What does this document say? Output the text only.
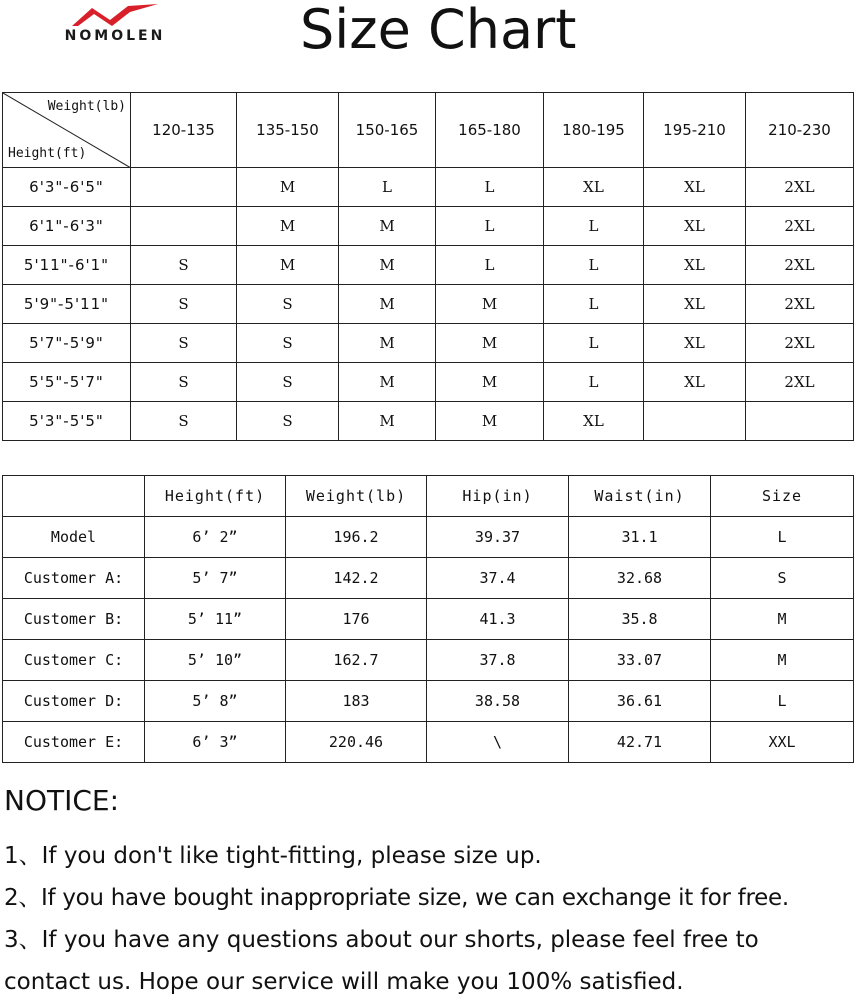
NOMOLEN	Size Chart
Weight(lb)
Height(ft)	120-135	135-150	150-165	165-180	180-195	195-210	210-230
6'3"-6'5"		M	L	L	XL	XL	2XL
6'1"-6'3"		M	M	L	L	XL	2XL
5'11"-6'1"	S	M	M	L	L	XL	2XL
5'9"-5'11"	S	S	M	M	L	XL	2XL
5'7"-5'9"	S	S	M	M	L	XL	2XL
5'5"-5'7"	S	S	M	M	L	XL	2XL
5'3"-5'5"	S	S	M	M	XL		
	Height(ft)	Weight(lb)	Hip(in)	Waist(in)	Size
Model	6’ 2”	196.2	39.37	31.1	L
Customer A:	5’ 7”	142.2	37.4	32.68	S
Customer B:	5’ 11”	176	41.3	35.8	M
Customer C:	5’ 10”	162.7	37.8	33.07	M
Customer D:	5’ 8”	183	38.58	36.61	L
Customer E:	6’ 3”	220.46	\	42.71	XXL
NOTICE:

1、If you don't like tight-fitting, please size up.

2、If you have bought inappropriate size, we can exchange it for free.

3、If you have any questions about our shorts, please feel free to

contact us. Hope our service will make you 100% satisfied.
